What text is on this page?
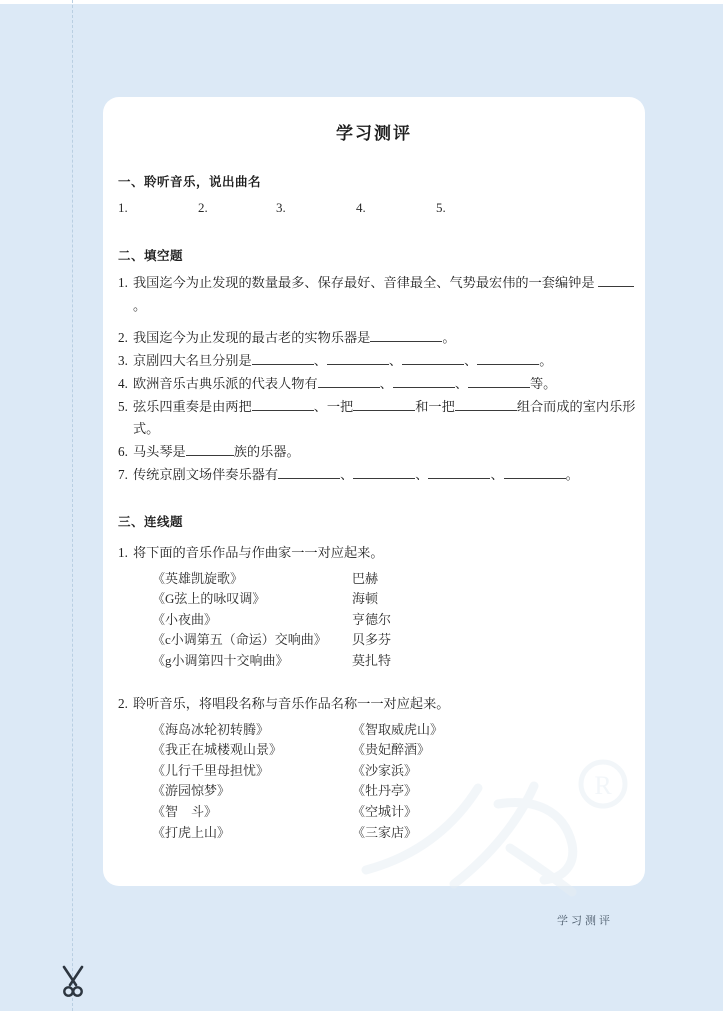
R
学习测评
一、聆听音乐，说出曲名
1.	2.	3.	4.	5.
二、填空题
1. 我国迄今为止发现的数量最多、保存最好、音律最全、气势最宏伟的一套编钟是 。
2. 我国迄今为止发现的最古老的实物乐器是	。
3. 京剧四大名旦分别是	、	、	、	。
4. 欧洲音乐古典乐派的代表人物有	、	、	等。
5. 弦乐四重奏是由两把	、一把	和一把	组合而成的室内乐形式。
6. 马头琴是	族的乐器。
7. 传统京剧文场伴奏乐器有	、	、	、	。
三、连线题
1. 将下面的音乐作品与作曲家一一对应起来。
《英雄凯旋歌》	巴赫
《G弦上的咏叹调》	海顿
《小夜曲》	亨德尔
《c小调第五（命运）交响曲》	贝多芬
《g小调第四十交响曲》	莫扎特
2. 聆听音乐，将唱段名称与音乐作品名称一一对应起来。
《海岛冰轮初转腾》	《智取威虎山》
《我正在城楼观山景》	《贵妃醉酒》
《儿行千里母担忧》	《沙家浜》
《游园惊梦》	《牡丹亭》
《智　斗》	《空城计》
《打虎上山》	《三家店》
学习测评
